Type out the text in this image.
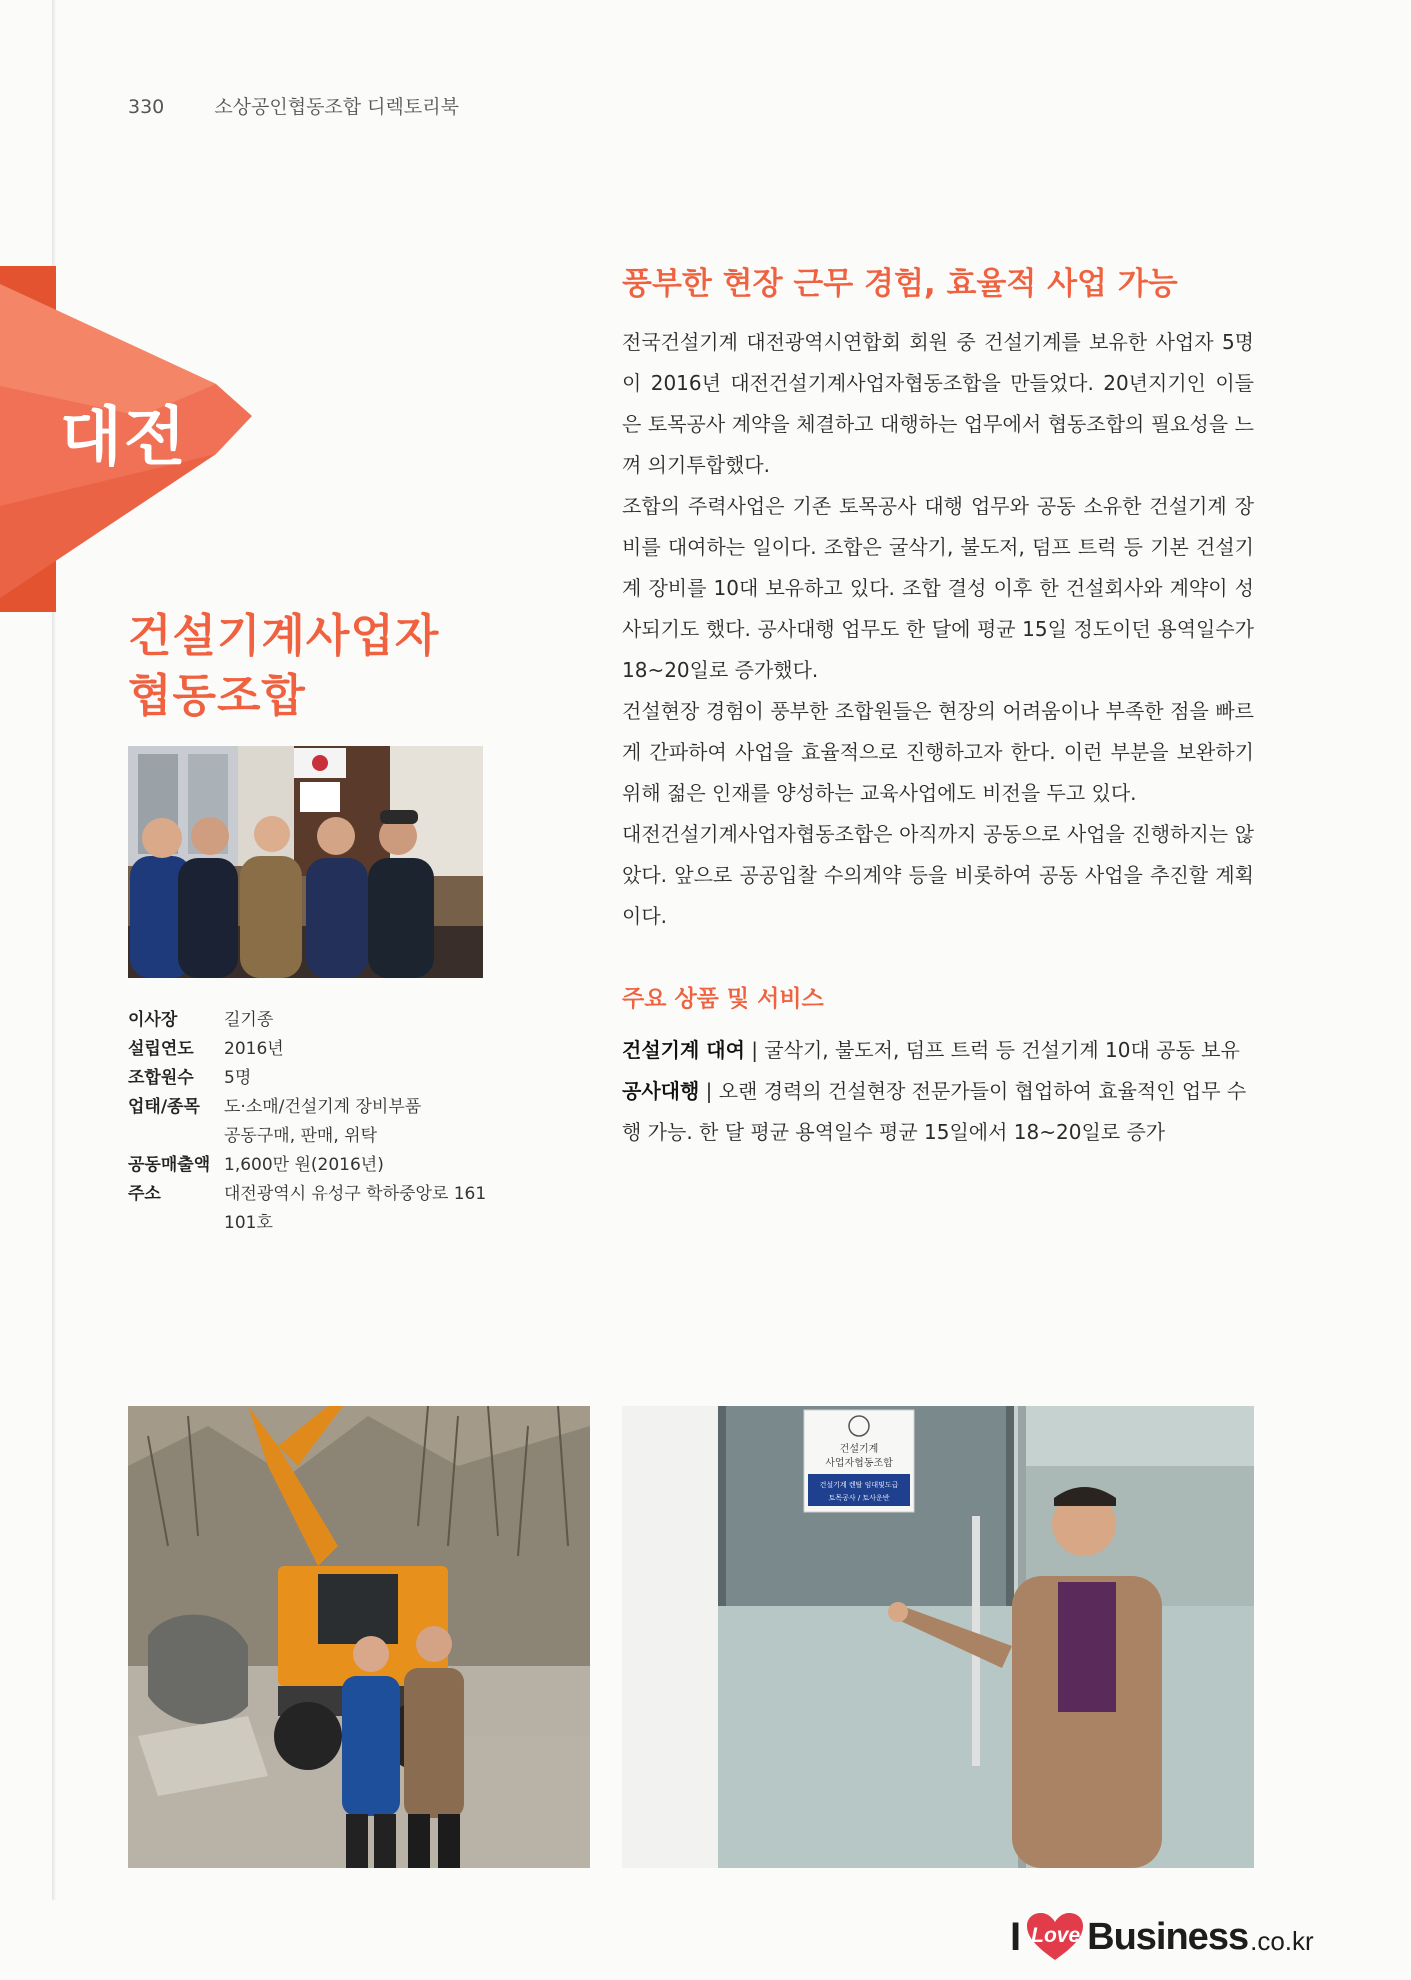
330	소상공인협동조합 디렉토리북
대전
건설기계사업자
협동조합
이사장	길기종
설립연도	2016년
조합원수	5명
업태/종목	도·소매/건설기계 장비부품
공동구매, 판매, 위탁
공동매출액 1,600만 원(2016년)
주소	대전광역시 유성구 학하중앙로 161
101호
풍부한 현장 근무 경험, 효율적 사업 가능

전국건설기계 대전광역시연합회 회원 중 건설기계를 보유한 사업자 5명이 2016년 대전건설기계사업자협동조합을 만들었다. 20년지기인 이들은 토목공사 계약을 체결하고 대행하는 업무에서 협동조합의 필요성을 느껴 의기투합했다.

조합의 주력사업은 기존 토목공사 대행 업무와 공동 소유한 건설기계 장비를 대여하는 일이다. 조합은 굴삭기, 불도저, 덤프 트럭 등 기본 건설기계 장비를 10대 보유하고 있다. 조합 결성 이후 한 건설회사와 계약이 성사되기도 했다. 공사대행 업무도 한 달에 평균 15일 정도이던 용역일수가 18~20일로 증가했다.

건설현장 경험이 풍부한 조합원들은 현장의 어려움이나 부족한 점을 빠르게 간파하여 사업을 효율적으로 진행하고자 한다. 이런 부분을 보완하기 위해 젊은 인재를 양성하는 교육사업에도 비전을 두고 있다.

대전건설기계사업자협동조합은 아직까지 공동으로 사업을 진행하지는 않았다. 앞으로 공공입찰 수의계약 등을 비롯하여 공동 사업을 추진할 계획이다.

주요 상품 및 서비스

건설기계 대여 | 굴삭기, 불도저, 덤프 트럭 등 건설기계 10대 공동 보유

공사대행 | 오랜 경력의 건설현장 전문가들이 협업하여 효율적인 업무 수행 가능. 한 달 평균 용역일수 평균 15일에서 18~20일로 증가

건설기계
사업자협동조합
건설기계 렌탈 임대및도급
토목공사 / 토사운반
I Love Business .co.kr
